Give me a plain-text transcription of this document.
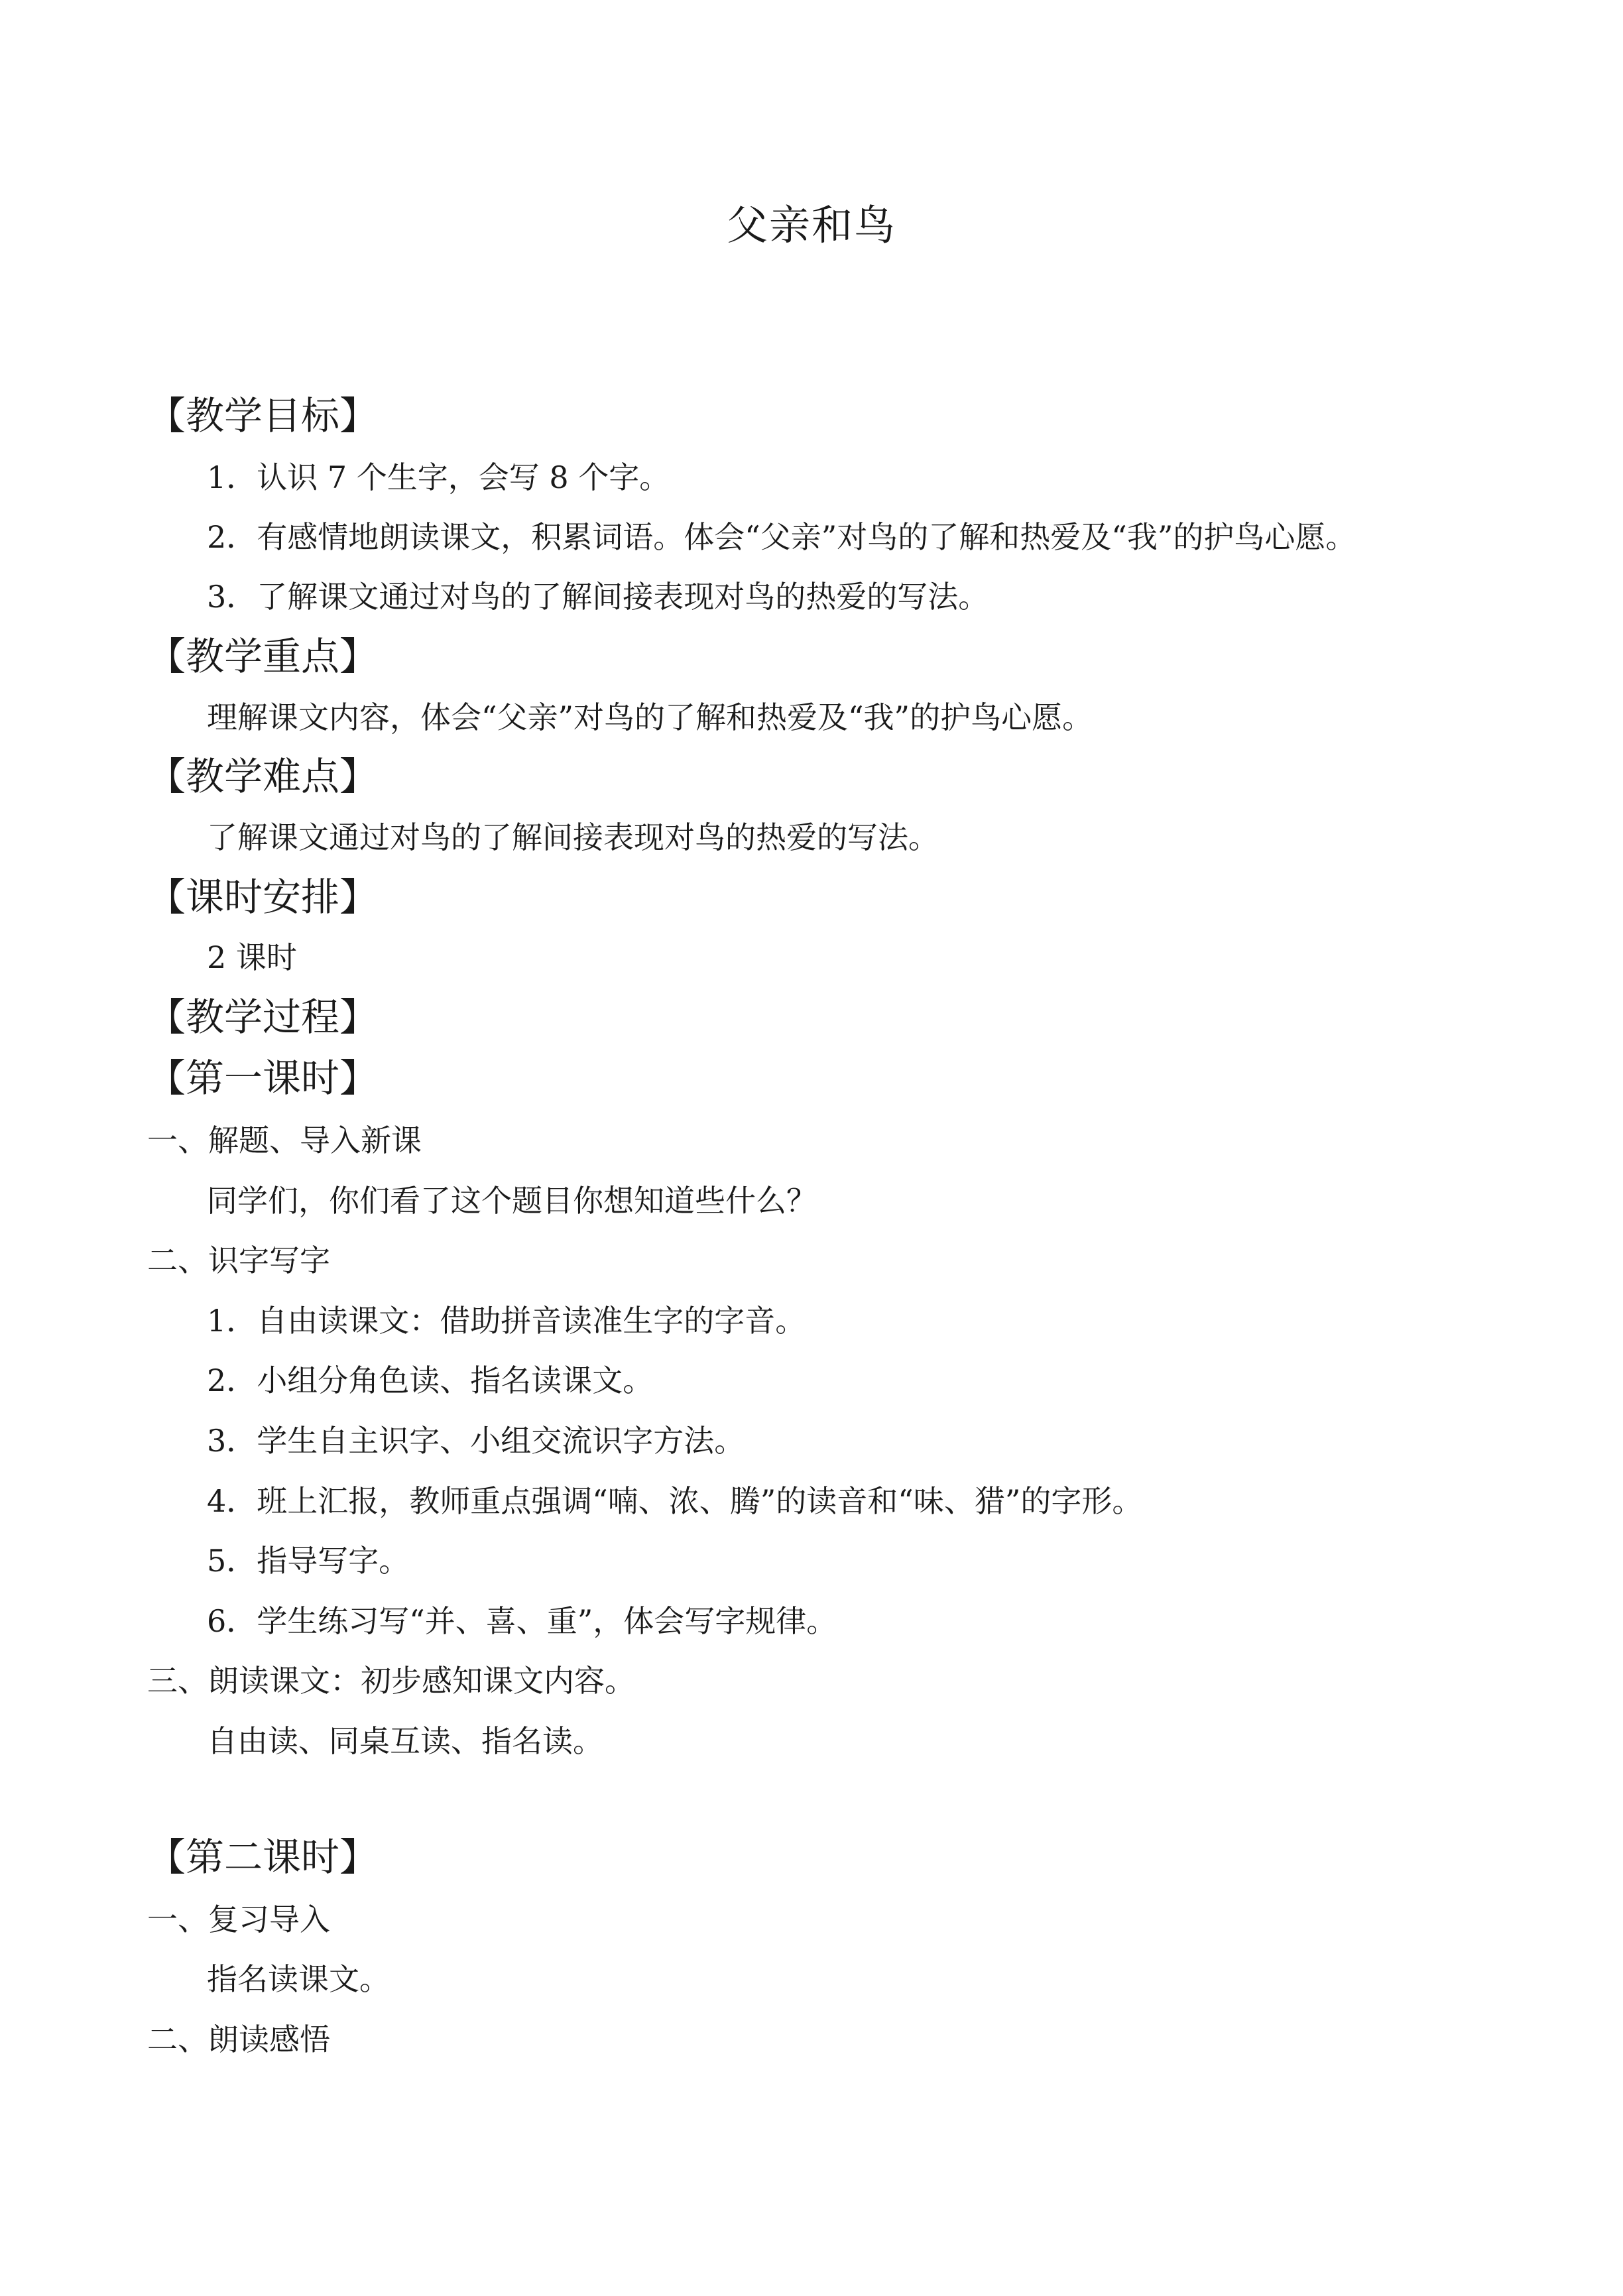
父亲和鸟
【教学目标】
1．认识 7 个生字，会写 8 个字。
2．有感情地朗读课文，积累词语。体会“父亲”对鸟的了解和热爱及“我”的护鸟心愿。
3．了解课文通过对鸟的了解间接表现对鸟的热爱的写法。
【教学重点】
理解课文内容，体会“父亲”对鸟的了解和热爱及“我”的护鸟心愿。
【教学难点】
了解课文通过对鸟的了解间接表现对鸟的热爱的写法。
【课时安排】
2 课时
【教学过程】
【第一课时】
一、解题、导入新课
同学们，你们看了这个题目你想知道些什么？
二、识字写字
1．自由读课文：借助拼音读准生字的字音。
2．小组分角色读、指名读课文。
3．学生自主识字、小组交流识字方法。
4．班上汇报，教师重点强调“喃、浓、腾”的读音和“味、猎”的字形。
5．指导写字。
6．学生练习写“并、喜、重”，体会写字规律。
三、朗读课文：初步感知课文内容。
自由读、同桌互读、指名读。
【第二课时】
一、复习导入
指名读课文。
二、朗读感悟
